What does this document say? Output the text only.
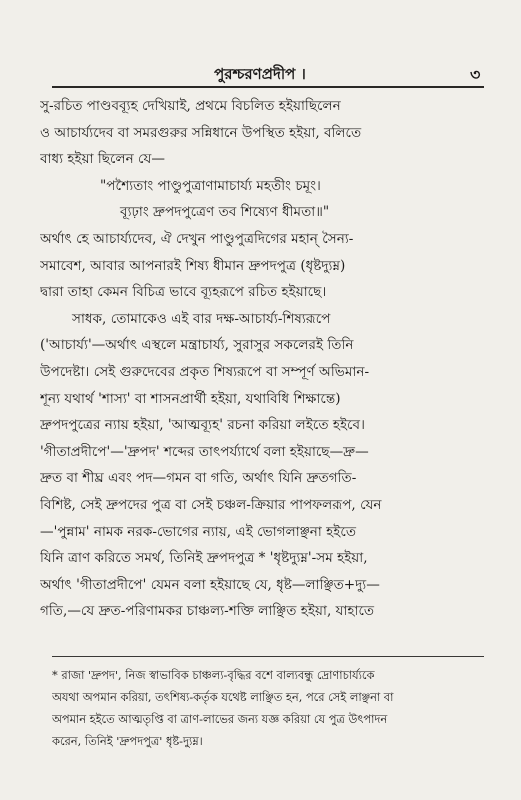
পুরশ্চরণপ্রদীপ ।	৩
সু-রচিত পাণ্ডবব্যূহ দেখিয়াই, প্রথমে বিচলিত হইয়াছিলেন
ও আচার্য্যদেব বা সমরগুরুর সন্নিধানে উপস্থিত হইয়া, বলিতে
বাধ্য হইয়া ছিলেন যে—
"পশ্যৈতাং পাণ্ডুপুত্রাণামাচার্য্য মহতীং চমূং।
ব্যূঢ়াং দ্রুপদপুত্রেণ তব শিষ্যেণ ধীমতা॥"
অর্থাৎ হে আচার্য্যদেব, ঐ দেখুন পাণ্ডুপুত্রদিগের মহান্ সৈন্য-
সমাবেশ, আবার আপনারই শিষ্য ধীমান দ্রুপদপুত্র (ধৃষ্টদ্যুম্ন)
দ্বারা তাহা কেমন বিচিত্র ভাবে ব্যূহরূপে রচিত হইয়াছে।
সাধক, তোমাকেও এই বার দক্ষ-আচার্য্য-শিষ্যরূপে
('আচার্য্য'—অর্থাৎ এস্থলে মন্ত্রাচার্য্য, সুরাসুর সকলেরই তিনি
উপদেষ্টা। সেই গুরুদেবের প্রকৃত শিষ্যরূপে বা সম্পূর্ণ অভিমান-
শূন্য যথার্থ 'শাস্য' বা শাসনপ্রার্থী হইয়া, যথাবিধি শিক্ষান্তে)
দ্রুপদপুত্রের ন্যায় হইয়া, 'আত্মব্যূহ' রচনা করিয়া লইতে হইবে।
'গীতাপ্রদীপে'—'দ্রুপদ' শব্দের তাৎপর্য্যার্থে বলা হইয়াছে—দ্রু—
দ্রুত বা শীঘ্র এবং পদ—গমন বা গতি, অর্থাৎ যিনি দ্রুতগতি-
বিশিষ্ট, সেই দ্রুপদের পুত্র বা সেই চঞ্চল-ক্রিয়ার পাপফলরূপ, যেন
—'পুন্নাম' নামক নরক-ভোগের ন্যায়, এই ভোগলাঞ্ছনা হইতে
যিনি ত্রাণ করিতে সমর্থ, তিনিই দ্রুপদপুত্র * 'ধৃষ্টদ্যুম্ন'-সম হইয়া,
অর্থাৎ 'গীতাপ্রদীপে' যেমন বলা হইয়াছে যে, ধৃষ্ট—লাঞ্ছিত+দ্যু—
গতি,—যে দ্রুত-পরিণামকর চাঞ্চল্য-শক্তি লাঞ্ছিত হইয়া, যাহাতে
* রাজা 'দ্রুপদ', নিজ স্বাভাবিক চাঞ্চল্য-বৃদ্ধির বশে বাল্যবন্ধু দ্রোণাচার্য্যকে
অযথা অপমান করিয়া, তৎশিষ্য-কর্তৃক যথেষ্ট লাঞ্ছিত হন, পরে সেই লাঞ্ছনা বা
অপমান হইতে আত্মতৃপ্তি বা ত্রাণ-লাভের জন্য যজ্ঞ করিয়া যে পুত্র উৎপাদন
করেন, তিনিই 'দ্রুপদপুত্র' ধৃষ্ট-দ্যুম্ন।
